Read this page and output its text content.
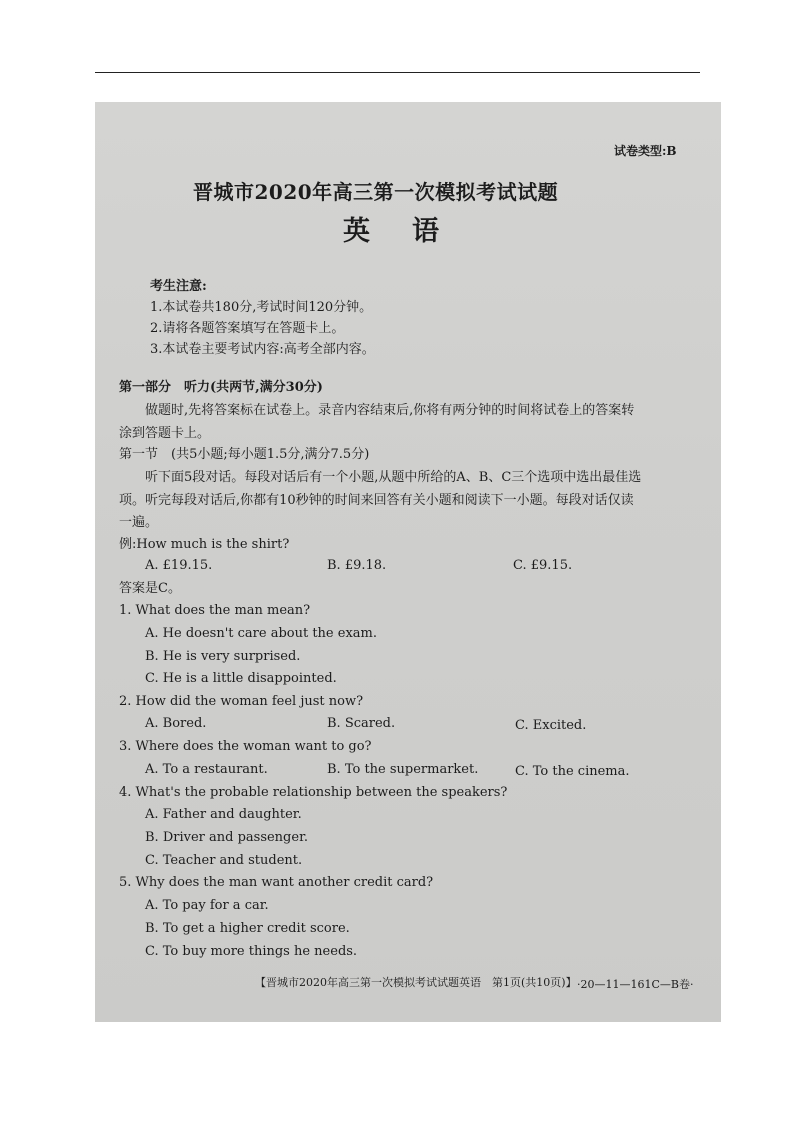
试卷类型:B
晋城市2020年高三第一次模拟考试试题
英语
考生注意:
1.本试卷共180分,考试时间120分钟。
2.请将各题答案填写在答题卡上。
3.本试卷主要考试内容:高考全部内容。
第一部分　听力(共两节,满分30分)
做题时,先将答案标在试卷上。录音内容结束后,你将有两分钟的时间将试卷上的答案转
涂到答题卡上。
第一节　(共5小题;每小题1.5分,满分7.5分)
听下面5段对话。每段对话后有一个小题,从题中所给的A、B、C三个选项中选出最佳选
项。听完每段对话后,你都有10秒钟的时间来回答有关小题和阅读下一小题。每段对话仅读
一遍。
例:How much is the shirt?
A. £19.15.	B. £9.18.	C. £9.15.
答案是C。
1. What does the man mean?
A. He doesn't care about the exam.
B. He is very surprised.
C. He is a little disappointed.
2. How did the woman feel just now?
A. Bored.	B. Scared.	C. Excited.
3. Where does the woman want to go?
A. To a restaurant.	B. To the supermarket.	C. To the cinema.
4. What's the probable relationship between the speakers?
A. Father and daughter.
B. Driver and passenger.
C. Teacher and student.
5. Why does the man want another credit card?
A. To pay for a car.
B. To get a higher credit score.
C. To buy more things he needs.
【晋城市2020年高三第一次模拟考试试题英语　第1页(共10页)】 ·20—11—161C—B卷·
